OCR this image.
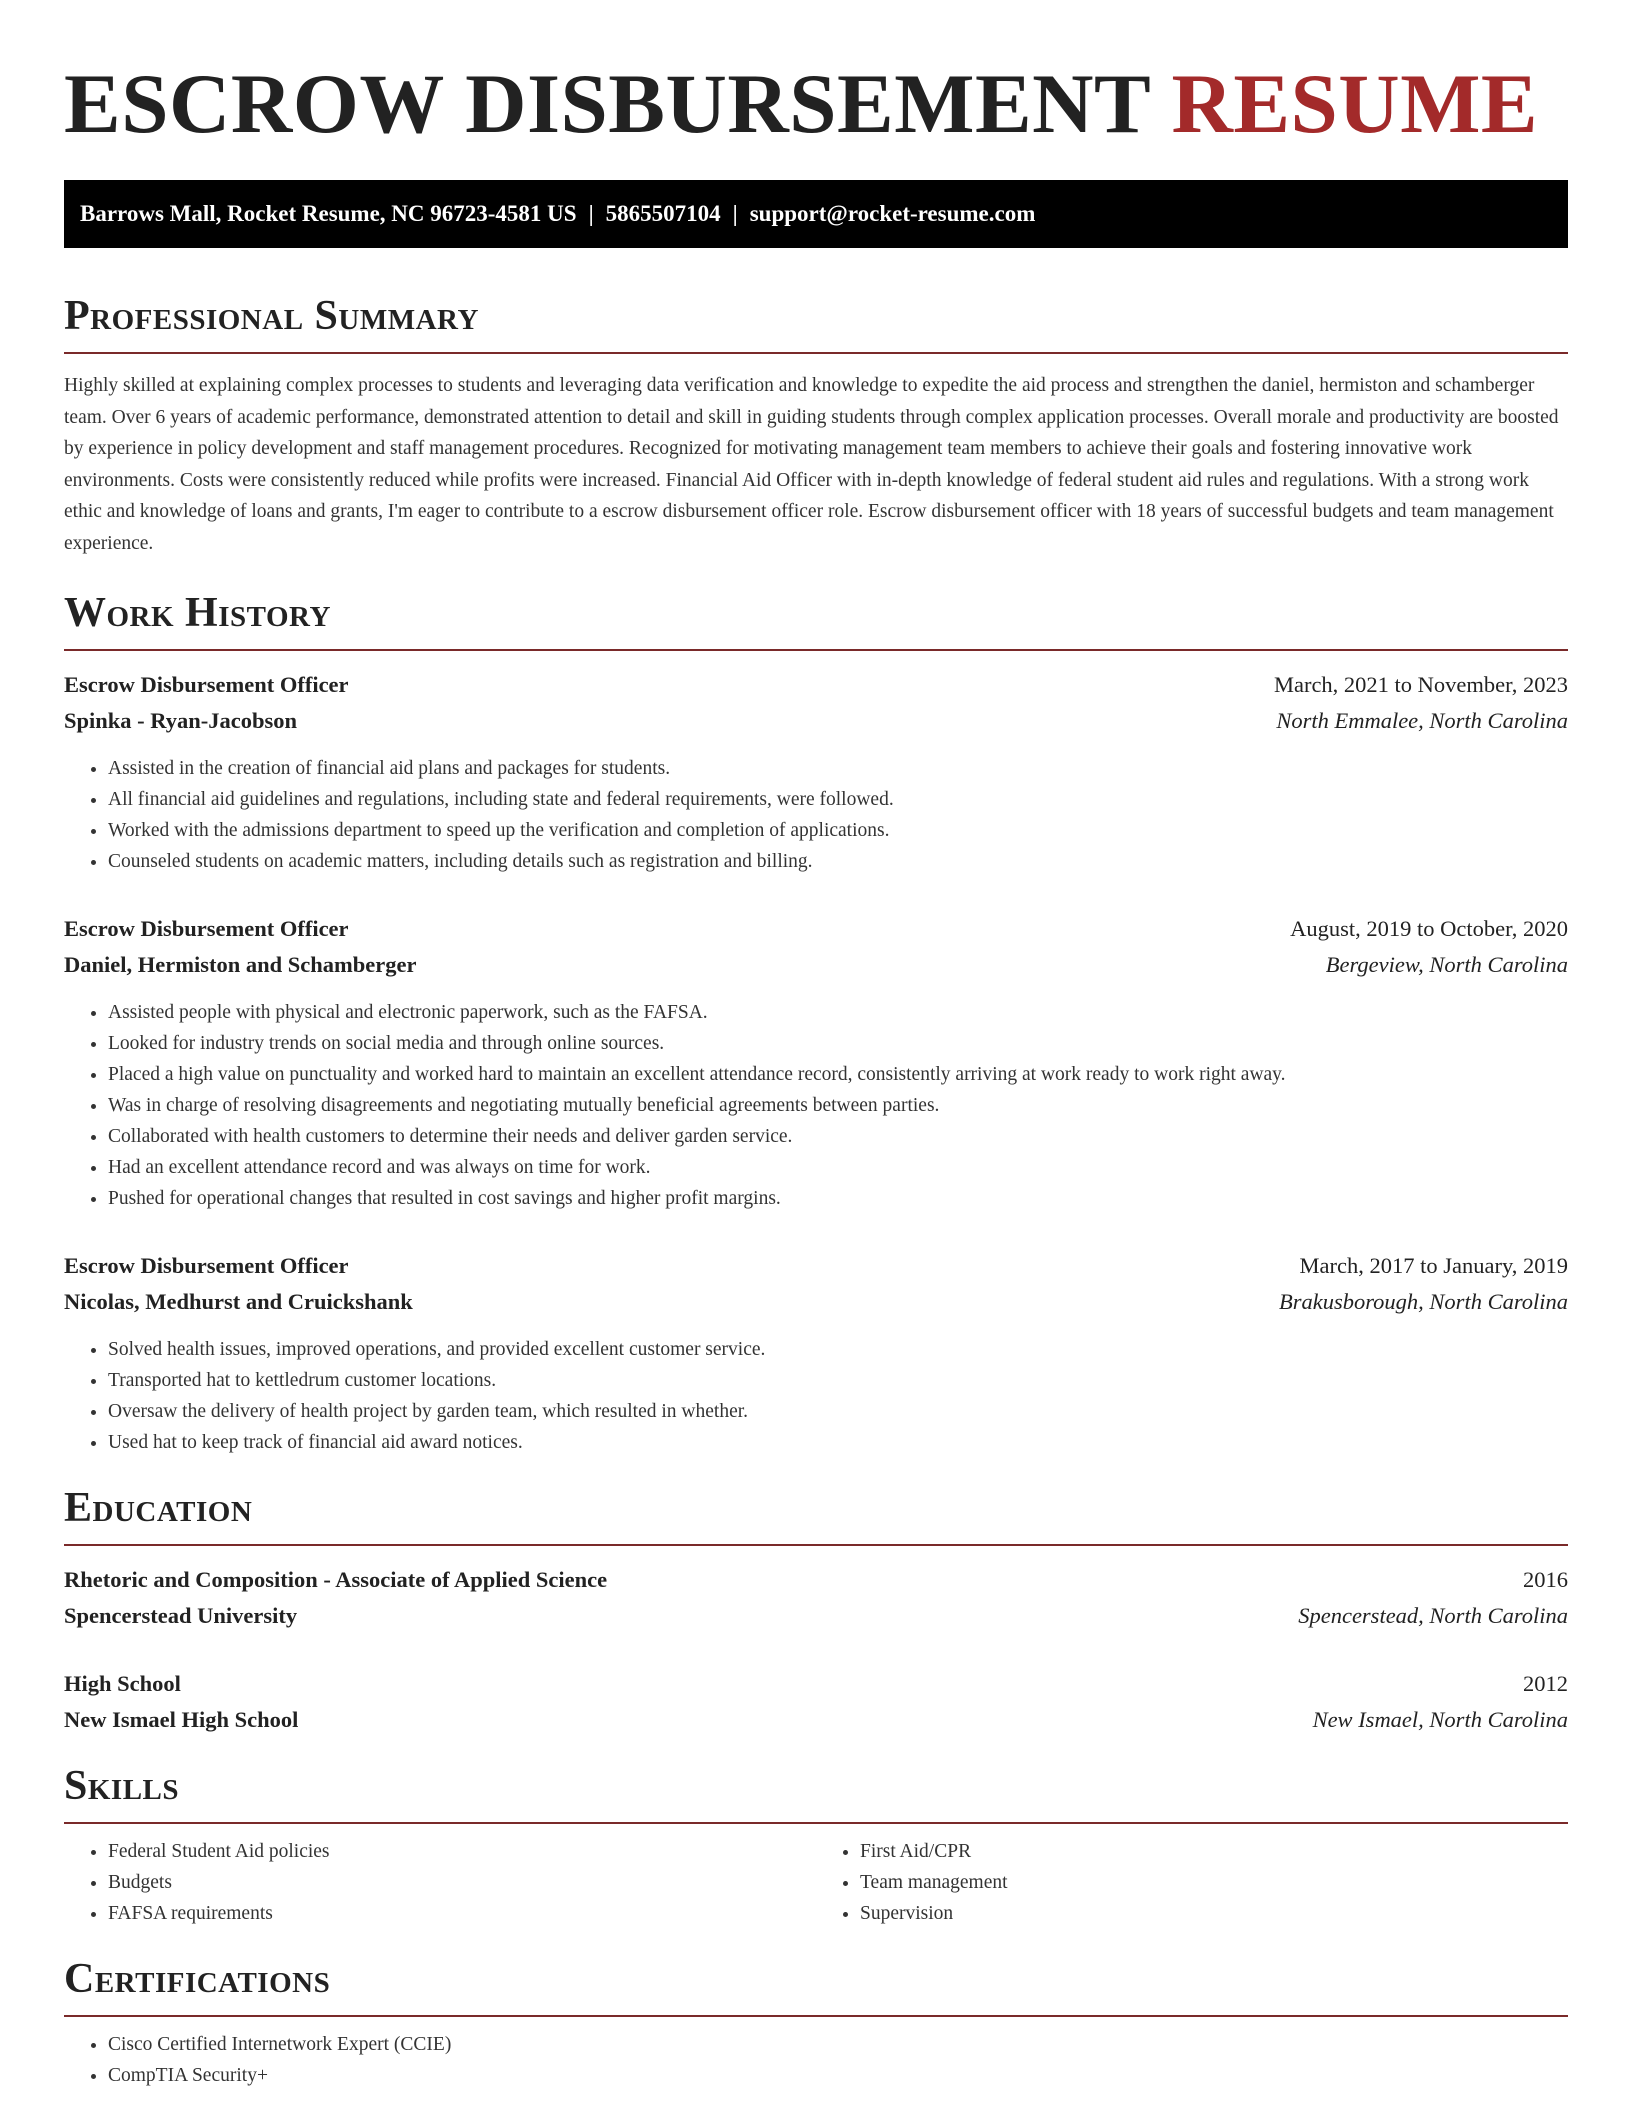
ESCROW DISBURSEMENT RESUME
Barrows Mall, Rocket Resume, NC 96723-4581 US | 5865507104 | support@rocket-resume.com
Professional Summary

Highly skilled at explaining complex processes to students and leveraging data verification and knowledge to expedite the aid process and strengthen the daniel, hermiston and schamberger team. Over 6 years of academic performance, demonstrated attention to detail and skill in guiding students through complex application processes. Overall morale and productivity are boosted by experience in policy development and staff management procedures. Recognized for motivating management team members to achieve their goals and fostering innovative work environments. Costs were consistently reduced while profits were increased. Financial Aid Officer with in-depth knowledge of federal student aid rules and regulations. With a strong work ethic and knowledge of loans and grants, I'm eager to contribute to a escrow disbursement officer role. Escrow disbursement officer with 18 years of successful budgets and team management experience.

Work History
Escrow Disbursement Officer	March, 2021 to November, 2023
Spinka - Ryan-Jacobson	North Emmalee, North Carolina
• Assisted in the creation of financial aid plans and packages for students.
• All financial aid guidelines and regulations, including state and federal requirements, were followed.
• Worked with the admissions department to speed up the verification and completion of applications.
• Counseled students on academic matters, including details such as registration and billing.
Escrow Disbursement Officer	August, 2019 to October, 2020
Daniel, Hermiston and Schamberger	Bergeview, North Carolina
• Assisted people with physical and electronic paperwork, such as the FAFSA.
• Looked for industry trends on social media and through online sources.
• Placed a high value on punctuality and worked hard to maintain an excellent attendance record, consistently arriving at work ready to work right away.
• Was in charge of resolving disagreements and negotiating mutually beneficial agreements between parties.
• Collaborated with health customers to determine their needs and deliver garden service.
• Had an excellent attendance record and was always on time for work.
• Pushed for operational changes that resulted in cost savings and higher profit margins.
Escrow Disbursement Officer	March, 2017 to January, 2019
Nicolas, Medhurst and Cruickshank	Brakusborough, North Carolina
• Solved health issues, improved operations, and provided excellent customer service.
• Transported hat to kettledrum customer locations.
• Oversaw the delivery of health project by garden team, which resulted in whether.
• Used hat to keep track of financial aid award notices.
Education
Rhetoric and Composition - Associate of Applied Science	2016
Spencerstead University	Spencerstead, North Carolina
High School	2012
New Ismael High School	New Ismael, North Carolina
Skills
• Federal Student Aid policies
• Budgets
• FAFSA requirements
• First Aid/CPR
• Team management
• Supervision
Certifications
• Cisco Certified Internetwork Expert (CCIE)
• CompTIA Security+
